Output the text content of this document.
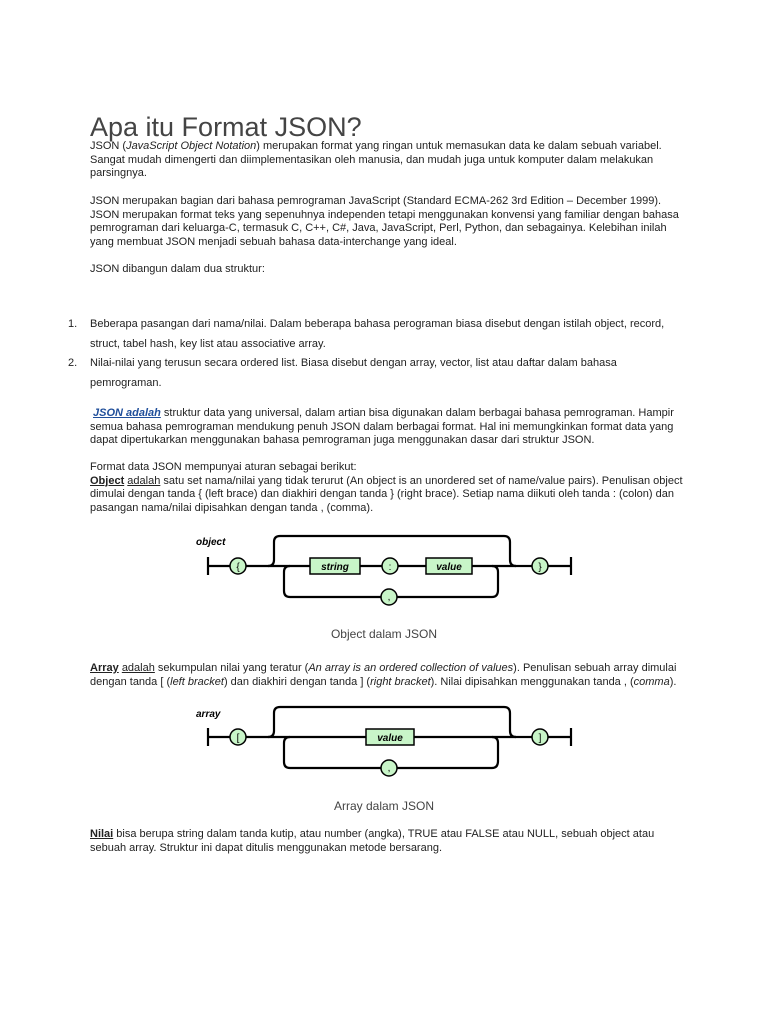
Apa itu Format JSON?

JSON (JavaScript Object Notation) merupakan format yang ringan untuk memasukan data ke dalam sebuah variabel. Sangat mudah dimengerti dan diimplementasikan oleh manusia, dan mudah juga untuk komputer dalam melakukan parsingnya.

JSON merupakan bagian dari bahasa pemrograman JavaScript (Standard ECMA-262 3rd Edition – December 1999). JSON merupakan format teks yang sepenuhnya independen tetapi menggunakan konvensi yang familiar dengan bahasa pemrograman dari keluarga-C, termasuk C, C++, C#, Java, JavaScript, Perl, Python, dan sebagainya. Kelebihan inilah yang membuat JSON menjadi sebuah bahasa data-interchange yang ideal.

JSON dibangun dalam dua struktur:

1. Beberapa pasangan dari nama/nilai. Dalam beberapa bahasa perograman biasa disebut dengan istilah object, record, struct, tabel hash, key list atau associative array.
2. Nilai-nilai yang terusun secara ordered list. Biasa disebut dengan array, vector, list atau daftar dalam bahasa pemrograman.

JSON adalah struktur data yang universal, dalam artian bisa digunakan dalam berbagai bahasa pemrograman. Hampir semua bahasa pemrograman mendukung penuh JSON dalam berbagai format. Hal ini memungkinkan format data yang dapat dipertukarkan menggunakan bahasa pemrograman juga menggunakan dasar dari struktur JSON.

Format data JSON mempunyai aturan sebagai berikut:
Object adalah satu set nama/nilai yang tidak terurut (An object is an unordered set of name/value pairs). Penulisan object dimulai dengan tanda { (left brace) dan diakhiri dengan tanda } (right brace). Setiap nama diikuti oleh tanda : (colon) dan pasangan nama/nilai dipisahkan dengan tanda , (comma).

object
{	string	:	value
,
}
Object dalam JSON

Array adalah sekumpulan nilai yang teratur (An array is an ordered collection of values). Penulisan sebuah array dimulai dengan tanda [ (left bracket) dan diakhiri dengan tanda ] (right bracket). Nilai dipisahkan menggunakan tanda , (comma).

array
[	value
,
]
Array dalam JSON

Nilai bisa berupa string dalam tanda kutip, atau number (angka), TRUE atau FALSE atau NULL, sebuah object atau sebuah array. Struktur ini dapat ditulis menggunakan metode bersarang.
